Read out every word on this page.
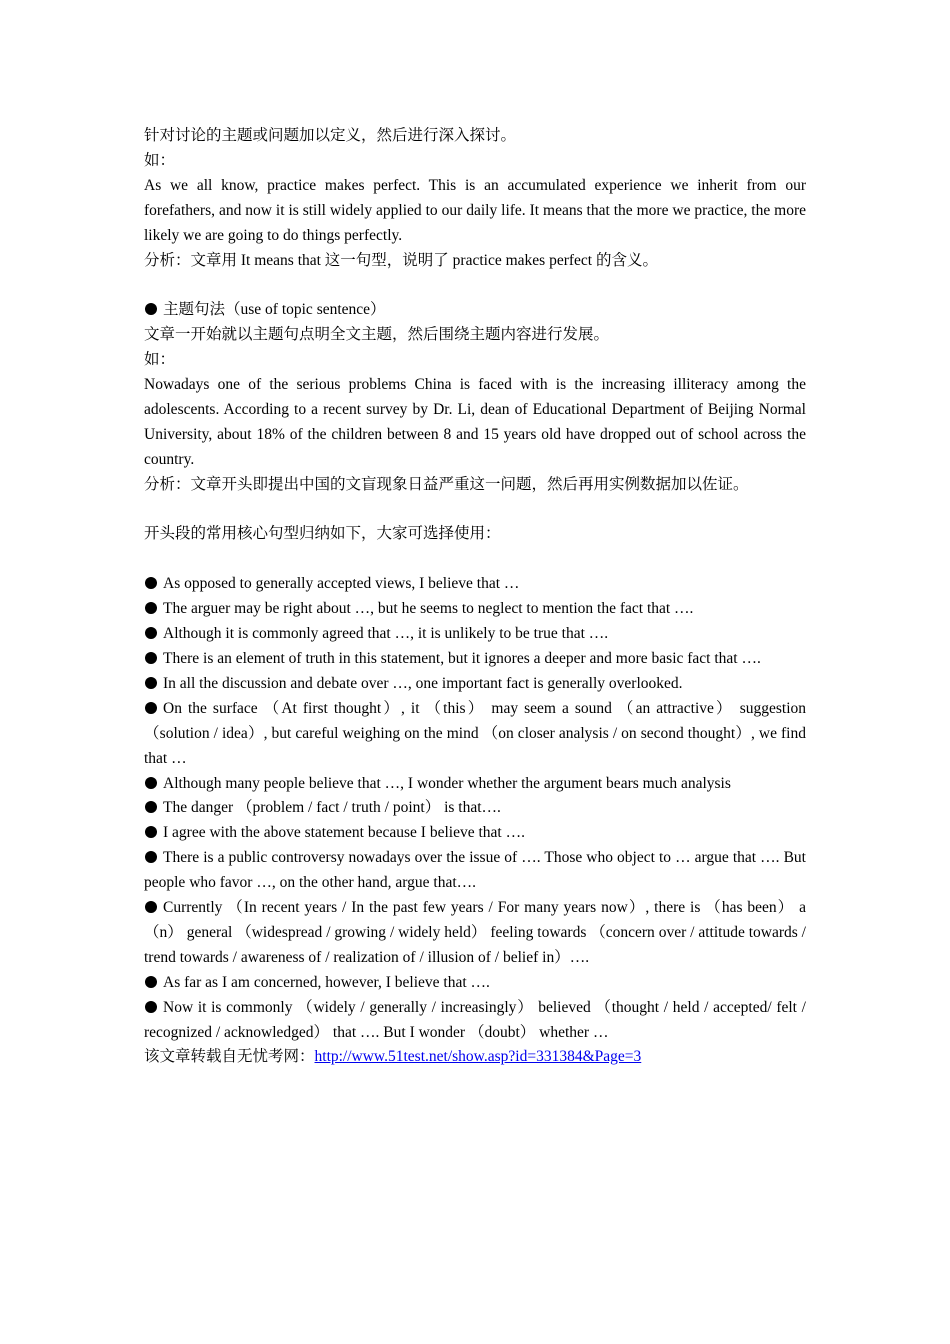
针对讨论的主题或问题加以定义，然后进行深入探讨。
如：
As we all know, practice makes perfect. This is an accumulated experience we inherit from our forefathers, and now it is still widely applied to our daily life. It means that the more we practice, the more likely we are going to do things perfectly.
分析：文章用 It means that 这一句型，说明了 practice makes perfect 的含义。
主题句法（use of topic sentence）
文章一开始就以主题句点明全文主题，然后围绕主题内容进行发展。
如：
Nowadays one of the serious problems China is faced with is the increasing illiteracy among the adolescents. According to a recent survey by Dr. Li, dean of Educational Department of Beijing Normal University, about 18% of the children between 8 and 15 years old have dropped out of school across the country.
分析：文章开头即提出中国的文盲现象日益严重这一问题，然后再用实例数据加以佐证。
开头段的常用核心句型归纳如下，大家可选择使用：
As opposed to generally accepted views, I believe that …
The arguer may be right about …, but he seems to neglect to mention the fact that ….
Although it is commonly agreed that …, it is unlikely to be true that ….
There is an element of truth in this statement, but it ignores a deeper and more basic fact that ….
In all the discussion and debate over …, one important fact is generally overlooked.
On the surface （At first thought）, it （this） may seem a sound （an attractive） suggestion （solution / idea）, but careful weighing on the mind （on closer analysis / on second thought）, we find that …
Although many people believe that …, I wonder whether the argument bears much analysis
The danger （problem / fact / truth / point） is that….
I agree with the above statement because I believe that ….
There is a public controversy nowadays over the issue of …. Those who object to … argue that …. But people who favor …, on the other hand, argue that….
Currently （In recent years / In the past few years / For many years now）, there is （has been） a（n） general （widespread / growing / widely held） feeling towards （concern over / attitude towards / trend towards / awareness of / realization of / illusion of / belief in）….
As far as I am concerned, however, I believe that ….
Now it is commonly （widely / generally / increasingly） believed （thought / held / accepted/ felt / recognized / acknowledged） that …. But I wonder （doubt） whether …
该文章转载自无忧考网：http://www.51test.net/show.asp?id=331384&Page=3
